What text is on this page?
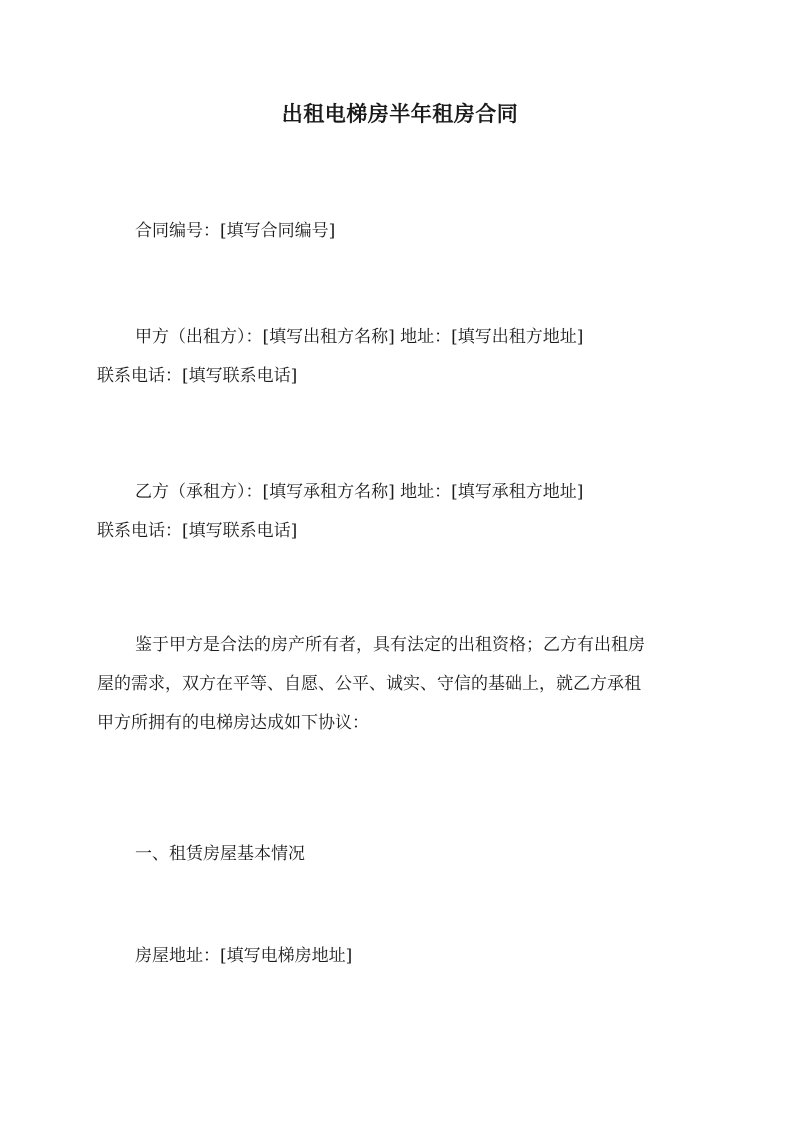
出租电梯房半年租房合同
合同编号：[填写合同编号]
甲方（出租方）：[填写出租方名称] 地址：[填写出租方地址]
联系电话：[填写联系电话]
乙方（承租方）：[填写承租方名称] 地址：[填写承租方地址]
联系电话：[填写联系电话]
鉴于甲方是合法的房产所有者，具有法定的出租资格；乙方有出租房
屋的需求，双方在平等、自愿、公平、诚实、守信的基础上，就乙方承租
甲方所拥有的电梯房达成如下协议：
一、租赁房屋基本情况
房屋地址：[填写电梯房地址]
